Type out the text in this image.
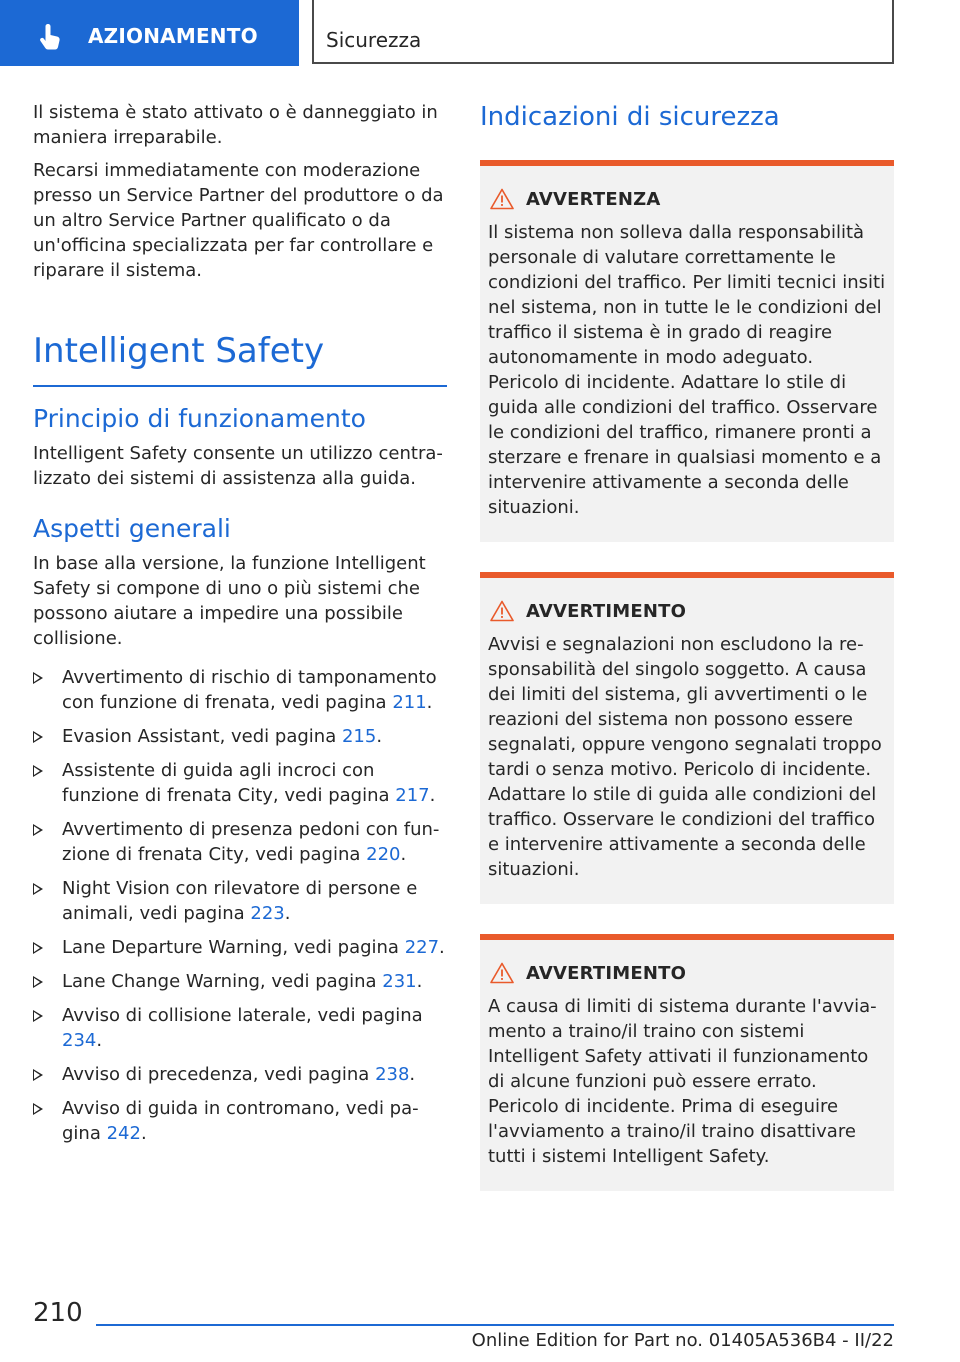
AZIONAMENTO	Sicurezza

Il sistema è stato attivato o è danneggiato in maniera irreparabile.

Recarsi immediatamente con moderazione presso un Service Partner del produttore o da un altro Service Partner qualificato o da un'officina specializzata per far controllare e riparare il sistema.

Intelligent Safety
Principio di funzionamento

Intelligent Safety consente un utilizzo centralizzato dei sistemi di assistenza alla guida.

Aspetti generali

In base alla versione, la funzione Intelligent Safety si compone di uno o più sistemi che possono aiutare a impedire una possibile collisione.

Avvertimento di rischio di tamponamento con funzione di frenata, vedi pagina 211.
Evasion Assistant, vedi pagina 215.
Assistente di guida agli incroci con funzione di frenata City, vedi pagina 217.
Avvertimento di presenza pedoni con funzione di frenata City, vedi pagina 220.
Night Vision con rilevatore di persone e animali, vedi pagina 223.
Lane Departure Warning, vedi pagina 227.
Lane Change Warning, vedi pagina 231.
Avviso di collisione laterale, vedi pagina 234.
Avviso di precedenza, vedi pagina 238.
Avviso di guida in contromano, vedi pagina 242.
Indicazioni di sicurezza
AVVERTENZA

Il sistema non solleva dalla responsabilità personale di valutare correttamente le condizioni del traffico. Per limiti tecnici insiti nel sistema, non in tutte le le condizioni del traffico il sistema è in grado di reagire autonomamente in modo adeguato. Pericolo di incidente. Adattare lo stile di guida alle condizioni del traffico. Osservare le condizioni del traffico, rimanere pronti a sterzare e frenare in qualsiasi momento e a intervenire attivamente a seconda delle situazioni.

AVVERTIMENTO

Avvisi e segnalazioni non escludono la responsabilità del singolo soggetto. A causa dei limiti del sistema, gli avvertimenti o le reazioni del sistema non possono essere segnalati, oppure vengono segnalati troppo tardi o senza motivo. Pericolo di incidente. Adattare lo stile di guida alle condizioni del traffico. Osservare le condizioni del traffico e intervenire attivamente a seconda delle situazioni.

AVVERTIMENTO

A causa di limiti di sistema durante l'avviamento a traino/il traino con sistemi Intelligent Safety attivati il funzionamento di alcune funzioni può essere errato. Pericolo di incidente. Prima di eseguire l'avviamento a traino/il traino disattivare tutti i sistemi Intelligent Safety.

210
Online Edition for Part no. 01405A536B4 - II/22
